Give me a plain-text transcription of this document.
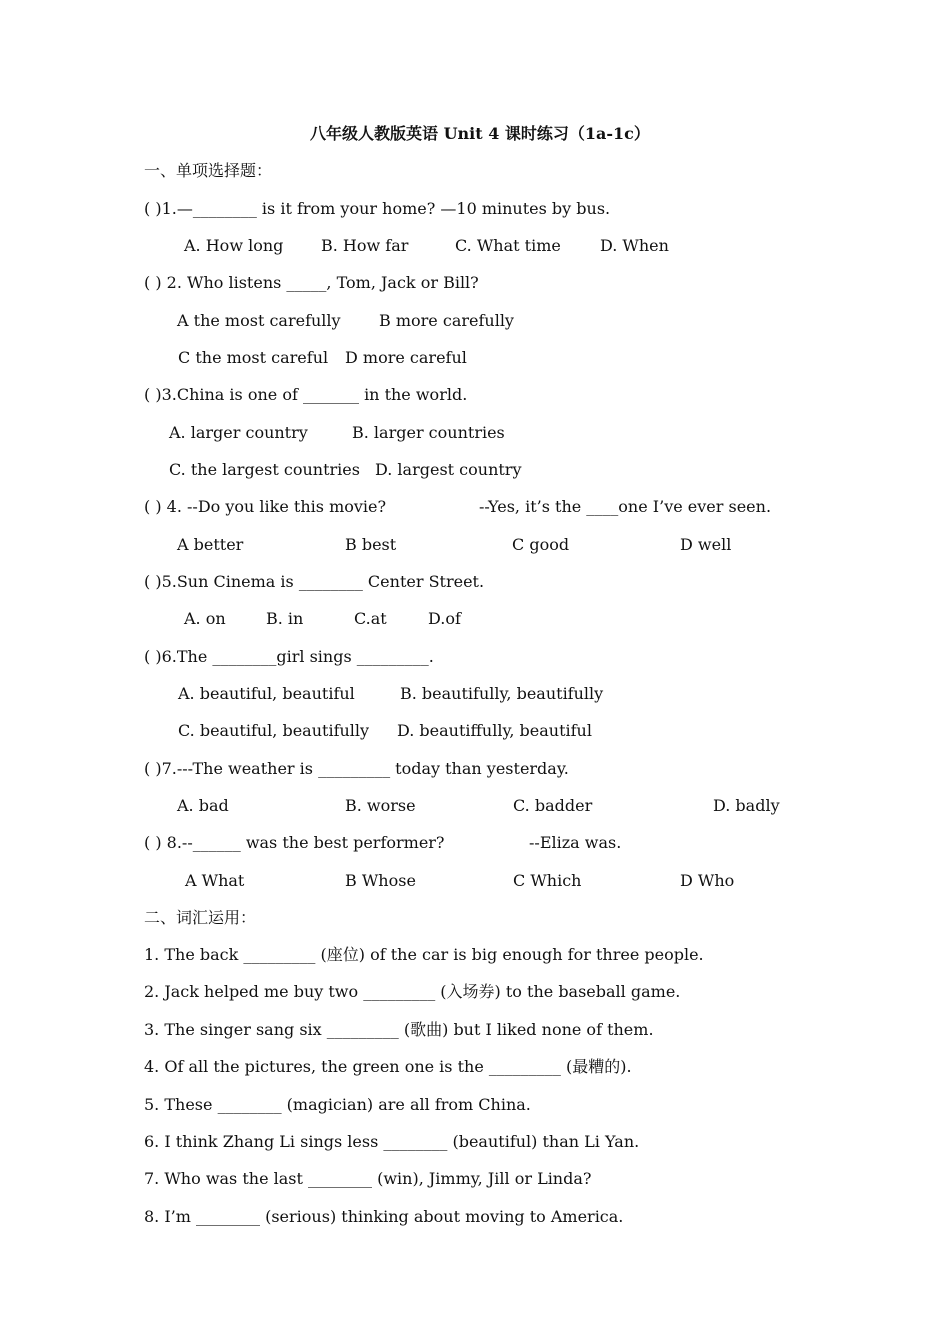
八年级人教版英语 Unit 4 课时练习（1a-1c）
一、单项选择题：
( )1.—________ is it from your home? —10 minutes by bus.
A. How long B. How far	C. What time D. When
( ) 2. Who listens _____, Tom, Jack or Bill?
A the most carefully B more carefully
C the most careful D more careful
( )3.China is one of _______ in the world.
A. larger country	B. larger countries
C. the largest countries D. largest country
( ) 4. --Do you like this movie?	--Yes, it’s the ____one I’ve ever seen.
A better	B best	C good	D well
( )5.Sun Cinema is ________ Center Street.
A. on	B. in	C.at	D.of
( )6.The ________girl sings _________.
A. beautiful, beautiful	B. beautifully, beautifully
C. beautiful, beautifully D. beautiffully, beautiful
( )7.---The weather is _________ today than yesterday.
A. bad	B. worse	C. badder	D. badly
( ) 8.--______ was the best performer?	--Eliza was.
A What	B Whose	C Which	D Who
二、词汇运用：
1. The back _________ (座位) of the car is big enough for three people.
2. Jack helped me buy two _________ (入场券) to the baseball game.
3. The singer sang six _________ (歌曲) but I liked none of them.
4. Of all the pictures, the green one is the _________ (最糟的).
5. These ________ (magician) are all from China.
6. I think Zhang Li sings less ________ (beautiful) than Li Yan.
7. Who was the last ________ (win), Jimmy, Jill or Linda?
8. I’m ________ (serious) thinking about moving to America.
